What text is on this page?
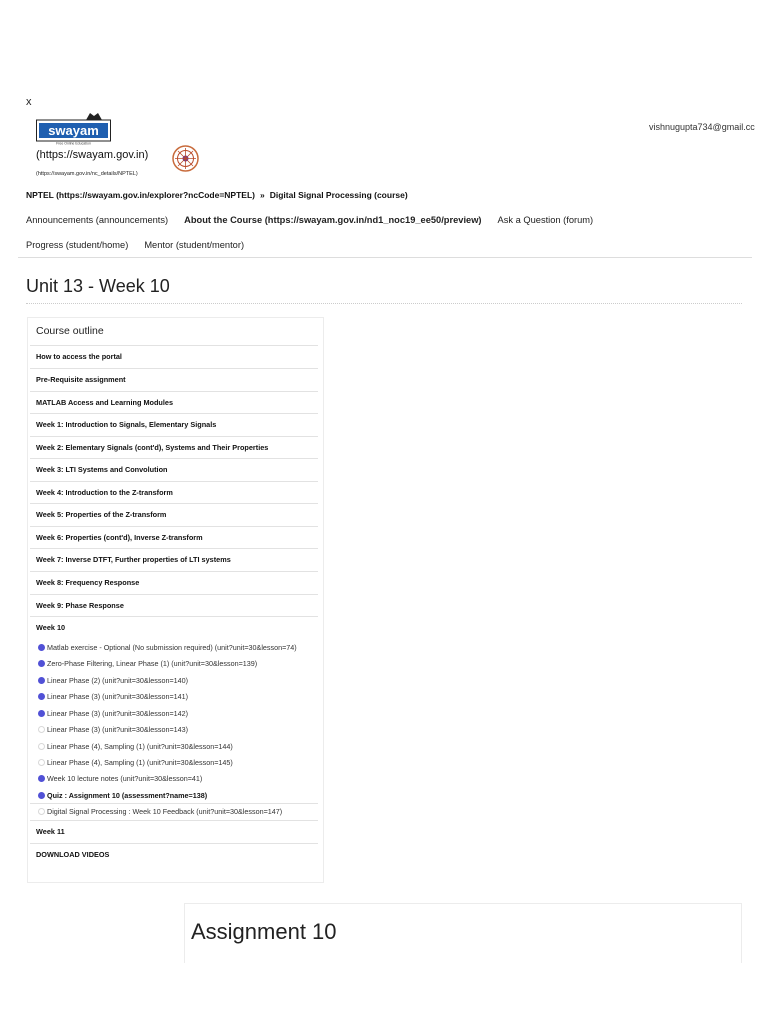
x
swayam
Free Online Education
vishnugupta734@gmail.cc
(https://swayam.gov.in)
(https://swayam.gov.in/nc_details/NPTEL)
NPTEL (https://swayam.gov.in/explorer?ncCode=NPTEL) » Digital Signal Processing (course)
Announcements (announcements) About the Course (https://swayam.gov.in/nd1_noc19_ee50/preview) Ask a Question (forum)
Progress (student/home) Mentor (student/mentor)
Unit 13 - Week 10
Course outline
How to access the portal
Pre-Requisite assignment
MATLAB Access and Learning Modules
Week 1: Introduction to Signals, Elementary Signals
Week 2: Elementary Signals (cont'd), Systems and Their Properties
Week 3: LTI Systems and Convolution
Week 4: Introduction to the Z-transform
Week 5: Properties of the Z-transform
Week 6: Properties (cont'd), Inverse Z-transform
Week 7: Inverse DTFT, Further properties of LTI systems
Week 8: Frequency Response
Week 9: Phase Response
Week 10
Matlab exercise - Optional (No submission required) (unit?unit=30&lesson=74)
Zero-Phase Filtering, Linear Phase (1) (unit?unit=30&lesson=139)
Linear Phase (2) (unit?unit=30&lesson=140)
Linear Phase (3) (unit?unit=30&lesson=141)
Linear Phase (3) (unit?unit=30&lesson=142)
Linear Phase (3) (unit?unit=30&lesson=143)
Linear Phase (4), Sampling (1) (unit?unit=30&lesson=144)
Linear Phase (4), Sampling (1) (unit?unit=30&lesson=145)
Week 10 lecture notes (unit?unit=30&lesson=41)
Quiz : Assignment 10 (assessment?name=138)
Digital Signal Processing : Week 10 Feedback (unit?unit=30&lesson=147)
Week 11
DOWNLOAD VIDEOS
Assignment 10
